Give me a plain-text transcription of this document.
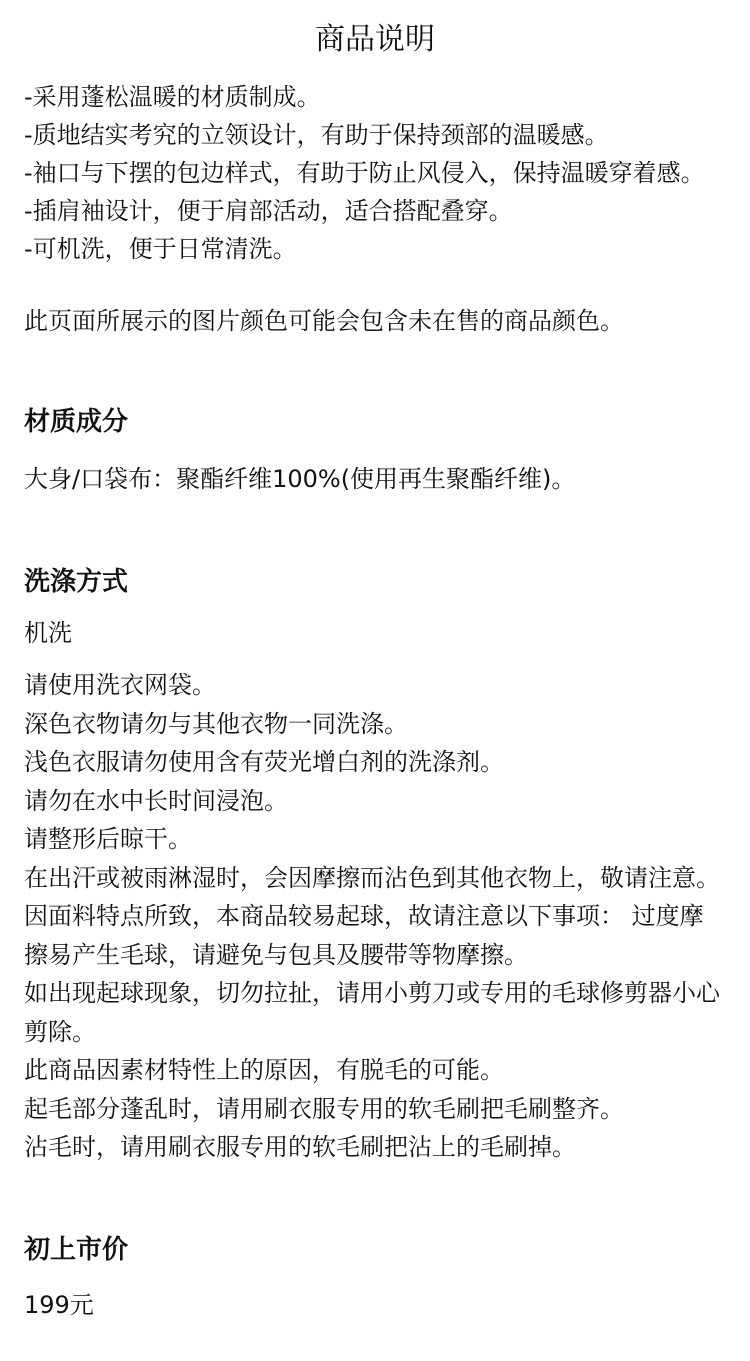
商品说明
-采用蓬松温暖的材质制成。
-质地结实考究的立领设计，有助于保持颈部的温暖感。
-袖口与下摆的包边样式，有助于防止风侵入，保持温暖穿着感。
-插肩袖设计，便于肩部活动，适合搭配叠穿。
-可机洗，便于日常清洗。

此页面所展示的图片颜色可能会包含未在售的商品颜色。

材质成分

大身/口袋布：聚酯纤维100%(使用再生聚酯纤维)。

洗涤方式

机洗

请使用洗衣网袋。
深色衣物请勿与其他衣物一同洗涤。
浅色衣服请勿使用含有荧光增白剂的洗涤剂。
请勿在水中长时间浸泡。
请整形后晾干。
在出汗或被雨淋湿时，会因摩擦而沾色到其他衣物上，敬请注意。
因面料特点所致，本商品较易起球，故请注意以下事项： 过度摩擦易产生毛球，请避免与包具及腰带等物摩擦。
如出现起球现象，切勿拉扯，请用小剪刀或专用的毛球修剪器小心剪除。
此商品因素材特性上的原因，有脱毛的可能。
起毛部分蓬乱时，请用刷衣服专用的软毛刷把毛刷整齐。
沾毛时，请用刷衣服专用的软毛刷把沾上的毛刷掉。
初上市价

199元
